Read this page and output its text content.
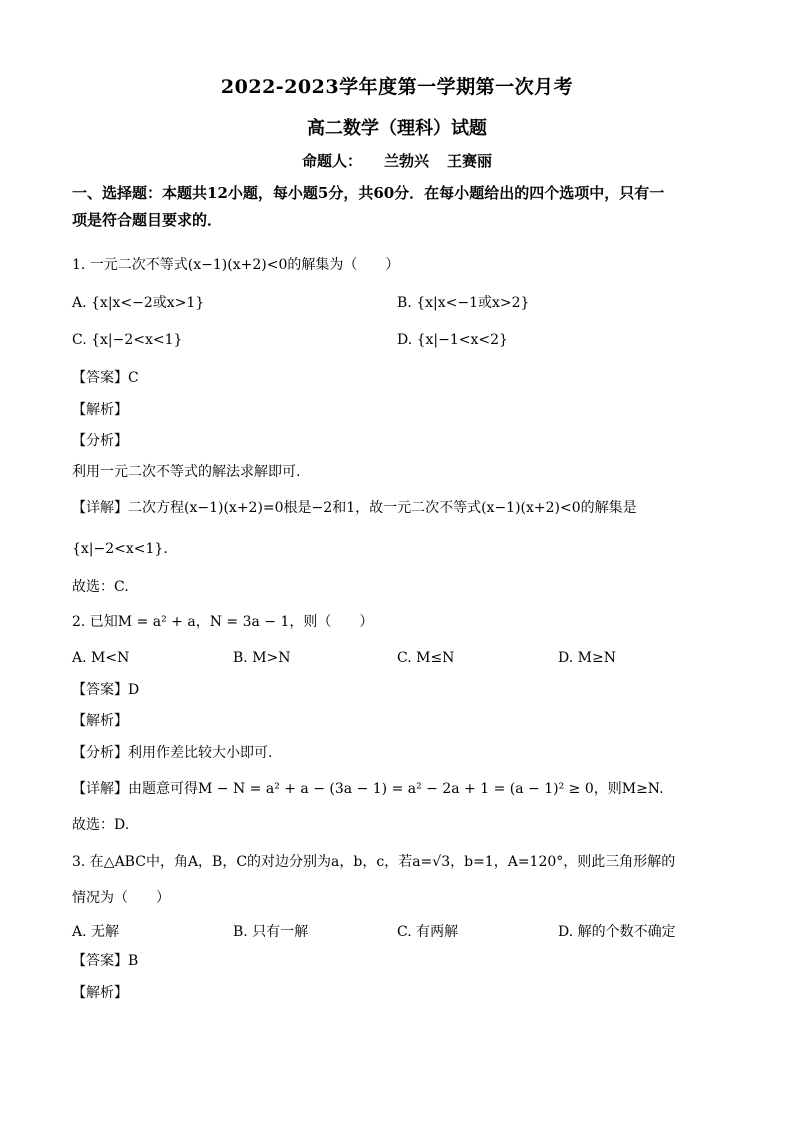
2022-2023学年度第一学期第一次月考
高二数学（理科）试题
命题人： 兰勃兴 王赛丽
一、选择题：本题共12小题，每小题5分，共60分．在每小题给出的四个选项中，只有一
项是符合题目要求的．
1. 一元二次不等式(x−1)(x+2)<0的解集为（　　）
A. {x|x<−2或x>1}	B. {x|x<−1或x>2}
C. {x|−2<x<1}	D. {x|−1<x<2}
【答案】C
【解析】
【分析】
利用一元二次不等式的解法求解即可.
【详解】二次方程(x−1)(x+2)=0根是−2和1，故一元二次不等式(x−1)(x+2)<0的解集是
{x|−2<x<1}.
故选：C.
2. 已知M = a² + a，N = 3a − 1，则（　　）
A. M<N	B. M>N	C. M≤N	D. M≥N
【答案】D
【解析】
【分析】利用作差比较大小即可.
【详解】由题意可得M − N = a² + a − (3a − 1) = a² − 2a + 1 = (a − 1)² ≥ 0，则M≥N.
故选：D.
3. 在△ABC中，角A，B，C的对边分别为a，b，c，若a=√3，b=1，A=120°，则此三角形解的
情况为（　　）
A. 无解	B. 只有一解	C. 有两解	D. 解的个数不确定
【答案】B
【解析】
